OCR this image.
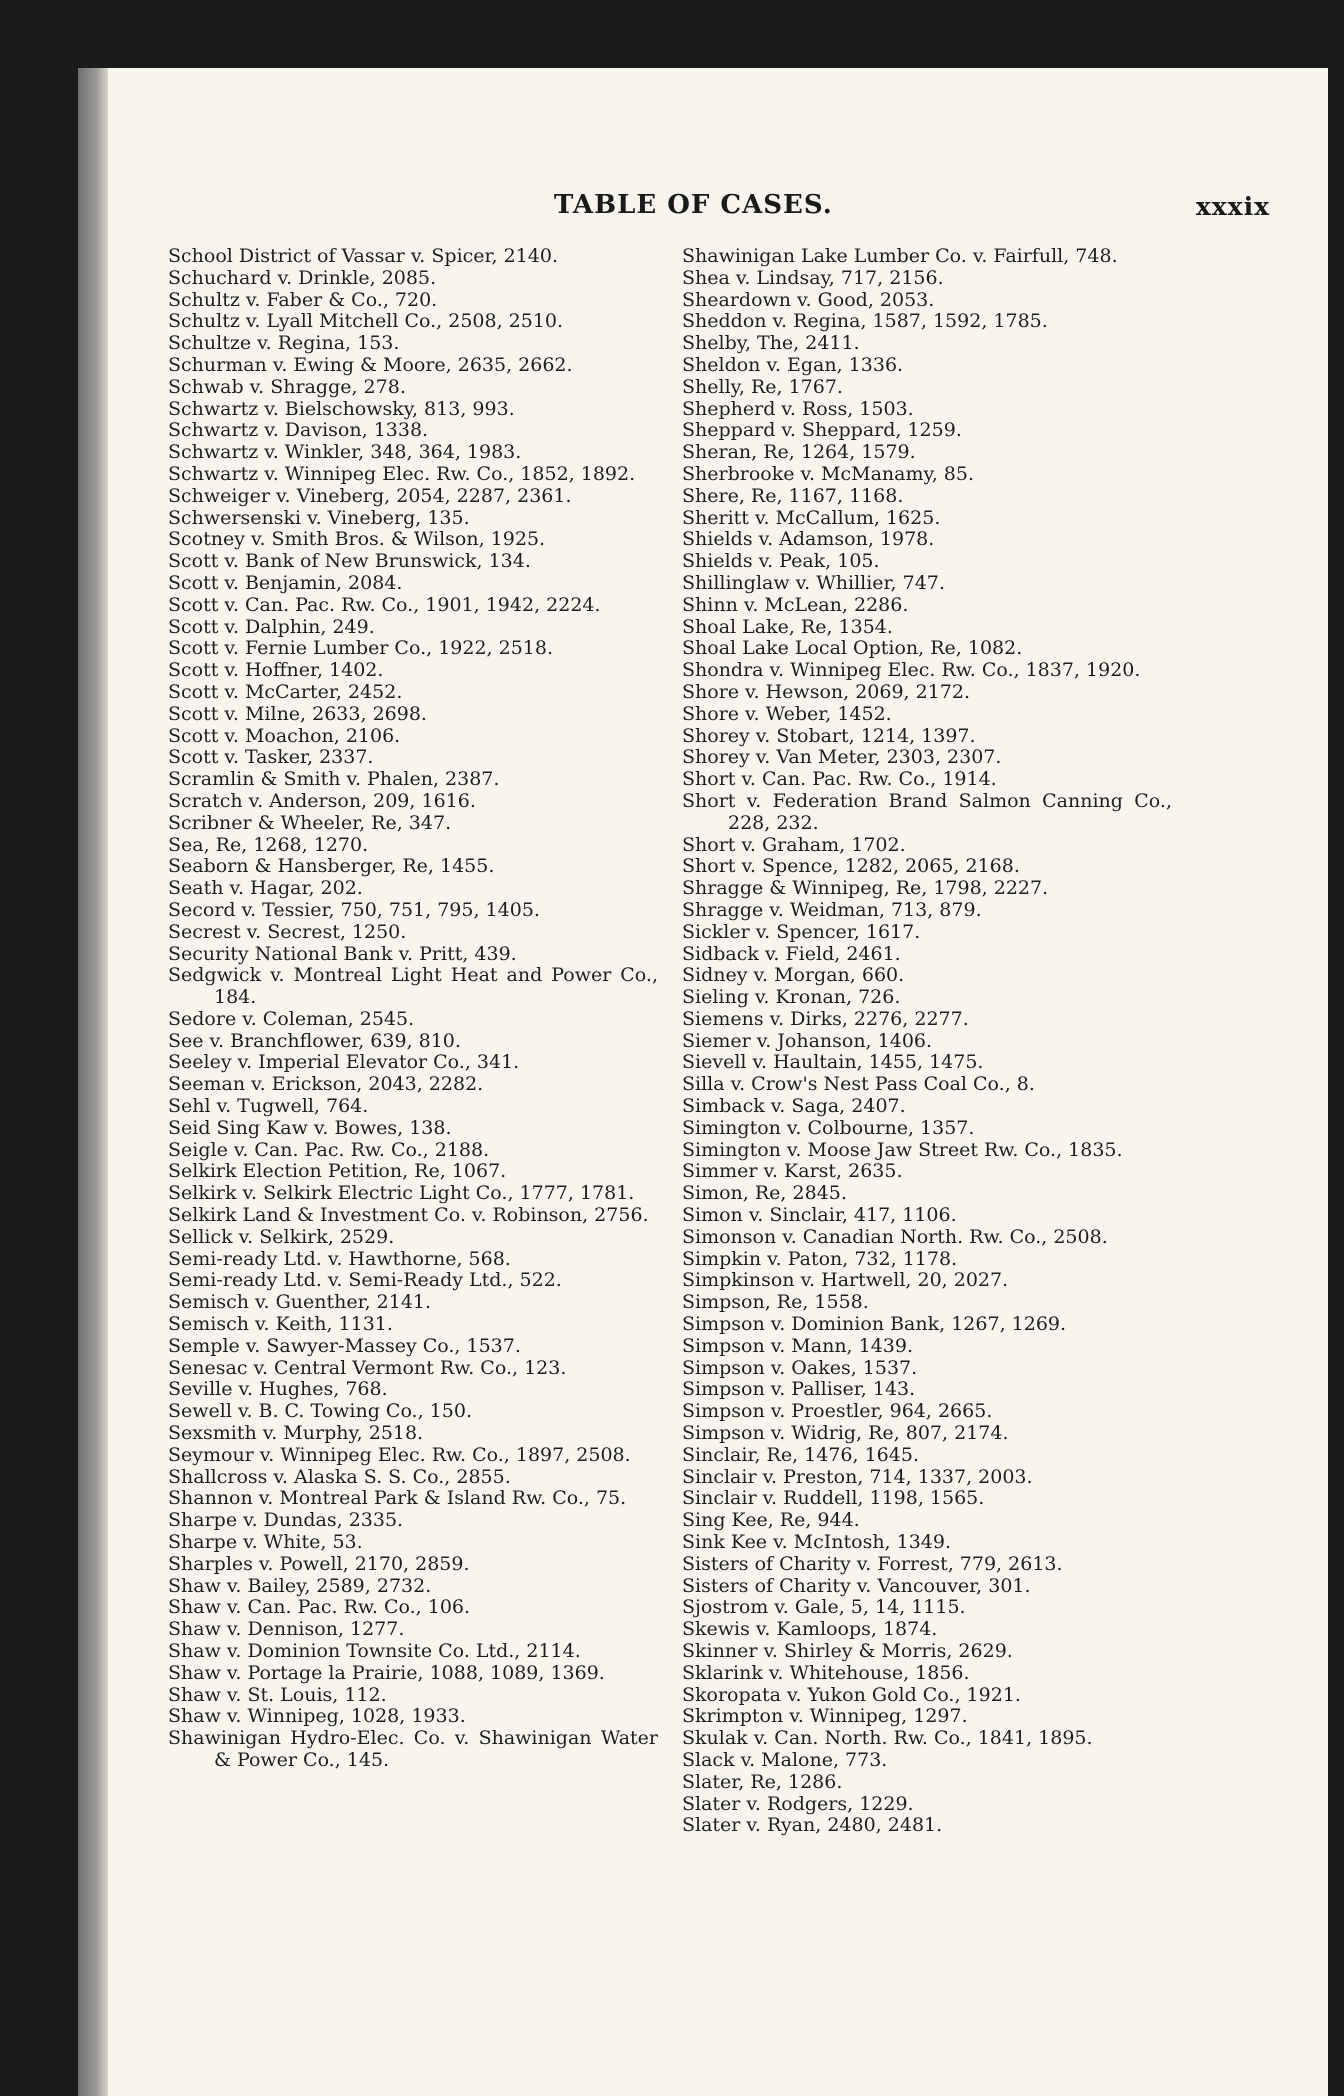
TABLE OF CASES.	xxxix
School District of Vassar v. Spicer, 2140.
Schuchard v. Drinkle, 2085.
Schultz v. Faber & Co., 720.
Schultz v. Lyall Mitchell Co., 2508, 2510.
Schultze v. Regina, 153.
Schurman v. Ewing & Moore, 2635, 2662.
Schwab v. Shragge, 278.
Schwartz v. Bielschowsky, 813, 993.
Schwartz v. Davison, 1338.
Schwartz v. Winkler, 348, 364, 1983.
Schwartz v. Winnipeg Elec. Rw. Co., 1852, 1892.
Schweiger v. Vineberg, 2054, 2287, 2361.
Schwersenski v. Vineberg, 135.
Scotney v. Smith Bros. & Wilson, 1925.
Scott v. Bank of New Brunswick, 134.
Scott v. Benjamin, 2084.
Scott v. Can. Pac. Rw. Co., 1901, 1942, 2224.
Scott v. Dalphin, 249.
Scott v. Fernie Lumber Co., 1922, 2518.
Scott v. Hoffner, 1402.
Scott v. McCarter, 2452.
Scott v. Milne, 2633, 2698.
Scott v. Moachon, 2106.
Scott v. Tasker, 2337.
Scramlin & Smith v. Phalen, 2387.
Scratch v. Anderson, 209, 1616.
Scribner & Wheeler, Re, 347.
Sea, Re, 1268, 1270.
Seaborn & Hansberger, Re, 1455.
Seath v. Hagar, 202.
Secord v. Tessier, 750, 751, 795, 1405.
Secrest v. Secrest, 1250.
Security National Bank v. Pritt, 439.
Sedgwick v. Montreal Light Heat and Power Co., 184.
Sedore v. Coleman, 2545.
See v. Branchflower, 639, 810.
Seeley v. Imperial Elevator Co., 341.
Seeman v. Erickson, 2043, 2282.
Sehl v. Tugwell, 764.
Seid Sing Kaw v. Bowes, 138.
Seigle v. Can. Pac. Rw. Co., 2188.
Selkirk Election Petition, Re, 1067.
Selkirk v. Selkirk Electric Light Co., 1777, 1781.
Selkirk Land & Investment Co. v. Robinson, 2756.
Sellick v. Selkirk, 2529.
Semi-ready Ltd. v. Hawthorne, 568.
Semi-ready Ltd. v. Semi-Ready Ltd., 522.
Semisch v. Guenther, 2141.
Semisch v. Keith, 1131.
Semple v. Sawyer-Massey Co., 1537.
Senesac v. Central Vermont Rw. Co., 123.
Seville v. Hughes, 768.
Sewell v. B. C. Towing Co., 150.
Sexsmith v. Murphy, 2518.
Seymour v. Winnipeg Elec. Rw. Co., 1897, 2508.
Shallcross v. Alaska S. S. Co., 2855.
Shannon v. Montreal Park & Island Rw. Co., 75.
Sharpe v. Dundas, 2335.
Sharpe v. White, 53.
Sharples v. Powell, 2170, 2859.
Shaw v. Bailey, 2589, 2732.
Shaw v. Can. Pac. Rw. Co., 106.
Shaw v. Dennison, 1277.
Shaw v. Dominion Townsite Co. Ltd., 2114.
Shaw v. Portage la Prairie, 1088, 1089, 1369.
Shaw v. St. Louis, 112.
Shaw v. Winnipeg, 1028, 1933.
Shawinigan Hydro-Elec. Co. v. Shawinigan Water & Power Co., 145.
Shawinigan Lake Lumber Co. v. Fairfull, 748.
Shea v. Lindsay, 717, 2156.
Sheardown v. Good, 2053.
Sheddon v. Regina, 1587, 1592, 1785.
Shelby, The, 2411.
Sheldon v. Egan, 1336.
Shelly, Re, 1767.
Shepherd v. Ross, 1503.
Sheppard v. Sheppard, 1259.
Sheran, Re, 1264, 1579.
Sherbrooke v. McManamy, 85.
Shere, Re, 1167, 1168.
Sheritt v. McCallum, 1625.
Shields v. Adamson, 1978.
Shields v. Peak, 105.
Shillinglaw v. Whillier, 747.
Shinn v. McLean, 2286.
Shoal Lake, Re, 1354.
Shoal Lake Local Option, Re, 1082.
Shondra v. Winnipeg Elec. Rw. Co., 1837, 1920.
Shore v. Hewson, 2069, 2172.
Shore v. Weber, 1452.
Shorey v. Stobart, 1214, 1397.
Shorey v. Van Meter, 2303, 2307.
Short v. Can. Pac. Rw. Co., 1914.
Short v. Federation Brand Salmon Canning Co., 228, 232.
Short v. Graham, 1702.
Short v. Spence, 1282, 2065, 2168.
Shragge & Winnipeg, Re, 1798, 2227.
Shragge v. Weidman, 713, 879.
Sickler v. Spencer, 1617.
Sidback v. Field, 2461.
Sidney v. Morgan, 660.
Sieling v. Kronan, 726.
Siemens v. Dirks, 2276, 2277.
Siemer v. Johanson, 1406.
Sievell v. Haultain, 1455, 1475.
Silla v. Crow's Nest Pass Coal Co., 8.
Simback v. Saga, 2407.
Simington v. Colbourne, 1357.
Simington v. Moose Jaw Street Rw. Co., 1835.
Simmer v. Karst, 2635.
Simon, Re, 2845.
Simon v. Sinclair, 417, 1106.
Simonson v. Canadian North. Rw. Co., 2508.
Simpkin v. Paton, 732, 1178.
Simpkinson v. Hartwell, 20, 2027.
Simpson, Re, 1558.
Simpson v. Dominion Bank, 1267, 1269.
Simpson v. Mann, 1439.
Simpson v. Oakes, 1537.
Simpson v. Palliser, 143.
Simpson v. Proestler, 964, 2665.
Simpson v. Widrig, Re, 807, 2174.
Sinclair, Re, 1476, 1645.
Sinclair v. Preston, 714, 1337, 2003.
Sinclair v. Ruddell, 1198, 1565.
Sing Kee, Re, 944.
Sink Kee v. McIntosh, 1349.
Sisters of Charity v. Forrest, 779, 2613.
Sisters of Charity v. Vancouver, 301.
Sjostrom v. Gale, 5, 14, 1115.
Skewis v. Kamloops, 1874.
Skinner v. Shirley & Morris, 2629.
Sklarink v. Whitehouse, 1856.
Skoropata v. Yukon Gold Co., 1921.
Skrimpton v. Winnipeg, 1297.
Skulak v. Can. North. Rw. Co., 1841, 1895.
Slack v. Malone, 773.
Slater, Re, 1286.
Slater v. Rodgers, 1229.
Slater v. Ryan, 2480, 2481.
